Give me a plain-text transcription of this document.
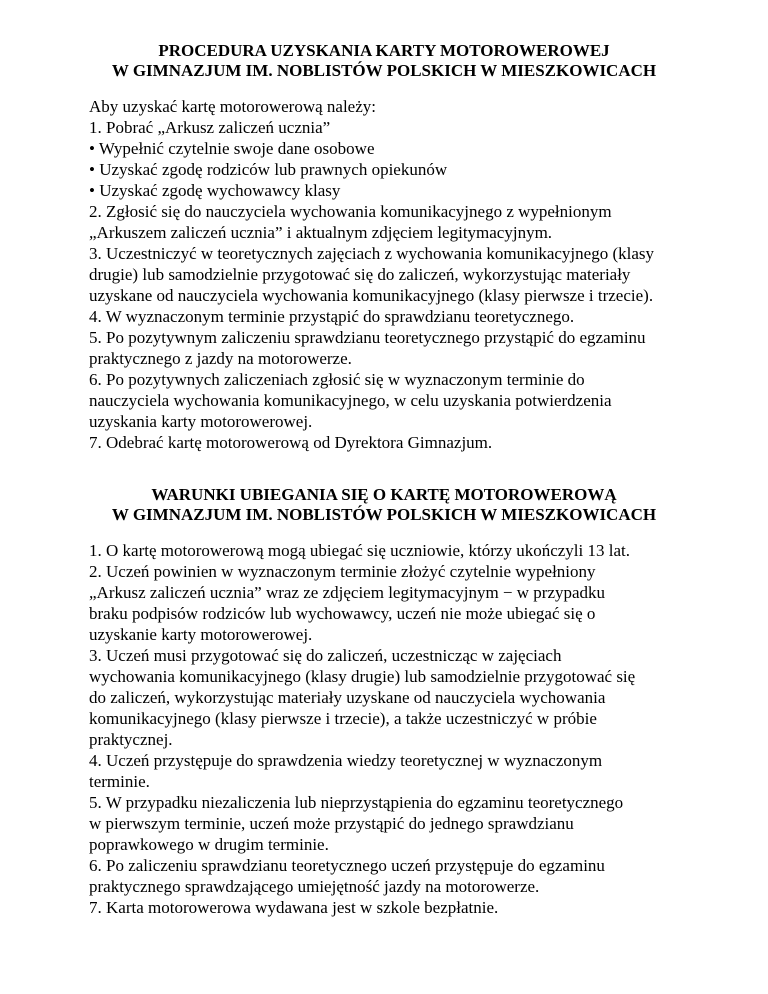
PROCEDURA UZYSKANIA KARTY MOTOROWEROWEJ
W GIMNAZJUM IM. NOBLISTÓW POLSKICH W MIESZKOWICACH
Aby uzyskać kartę motorowerową należy:
1. Pobrać „Arkusz zaliczeń ucznia”
• Wypełnić czytelnie swoje dane osobowe
• Uzyskać zgodę rodziców lub prawnych opiekunów
• Uzyskać zgodę wychowawcy klasy
2. Zgłosić się do nauczyciela wychowania komunikacyjnego z wypełnionym
„Arkuszem zaliczeń ucznia” i aktualnym zdjęciem legitymacyjnym.
3. Uczestniczyć w teoretycznych zajęciach z wychowania komunikacyjnego (klasy
drugie) lub samodzielnie przygotować się do zaliczeń, wykorzystując materiały
uzyskane od nauczyciela wychowania komunikacyjnego (klasy pierwsze i trzecie).
4. W wyznaczonym terminie przystąpić do sprawdzianu teoretycznego.
5. Po pozytywnym zaliczeniu sprawdzianu teoretycznego przystąpić do egzaminu
praktycznego z jazdy na motorowerze.
6. Po pozytywnych zaliczeniach zgłosić się w wyznaczonym terminie do
nauczyciela wychowania komunikacyjnego, w celu uzyskania potwierdzenia
uzyskania karty motorowerowej.
7. Odebrać kartę motorowerową od Dyrektora Gimnazjum.
WARUNKI UBIEGANIA SIĘ O KARTĘ MOTOROWEROWĄ
W GIMNAZJUM IM. NOBLISTÓW POLSKICH W MIESZKOWICACH
1. O kartę motorowerową mogą ubiegać się uczniowie, którzy ukończyli 13 lat.
2. Uczeń powinien w wyznaczonym terminie złożyć czytelnie wypełniony
„Arkusz zaliczeń ucznia” wraz ze zdjęciem legitymacyjnym − w przypadku
braku podpisów rodziców lub wychowawcy, uczeń nie może ubiegać się o
uzyskanie karty motorowerowej.
3. Uczeń musi przygotować się do zaliczeń, uczestnicząc w zajęciach
wychowania komunikacyjnego (klasy drugie) lub samodzielnie przygotować się
do zaliczeń, wykorzystując materiały uzyskane od nauczyciela wychowania
komunikacyjnego (klasy pierwsze i trzecie), a także uczestniczyć w próbie
praktycznej.
4. Uczeń przystępuje do sprawdzenia wiedzy teoretycznej w wyznaczonym
terminie.
5. W przypadku niezaliczenia lub nieprzystąpienia do egzaminu teoretycznego
w pierwszym terminie, uczeń może przystąpić do jednego sprawdzianu
poprawkowego w drugim terminie.
6. Po zaliczeniu sprawdzianu teoretycznego uczeń przystępuje do egzaminu
praktycznego sprawdzającego umiejętność jazdy na motorowerze.
7. Karta motorowerowa wydawana jest w szkole bezpłatnie.
